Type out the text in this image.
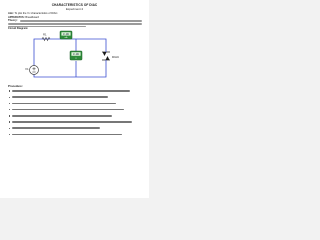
CHARACTERISTICS OF DIAC
Experiment 4
Aim: To plot the V-I characteristics of DIAC.
APPARATUS: Breadboard
Theory:
Circuit Diagram:
V1
R1	0.00
mA
0.00
V	DIAC
Procedure:
